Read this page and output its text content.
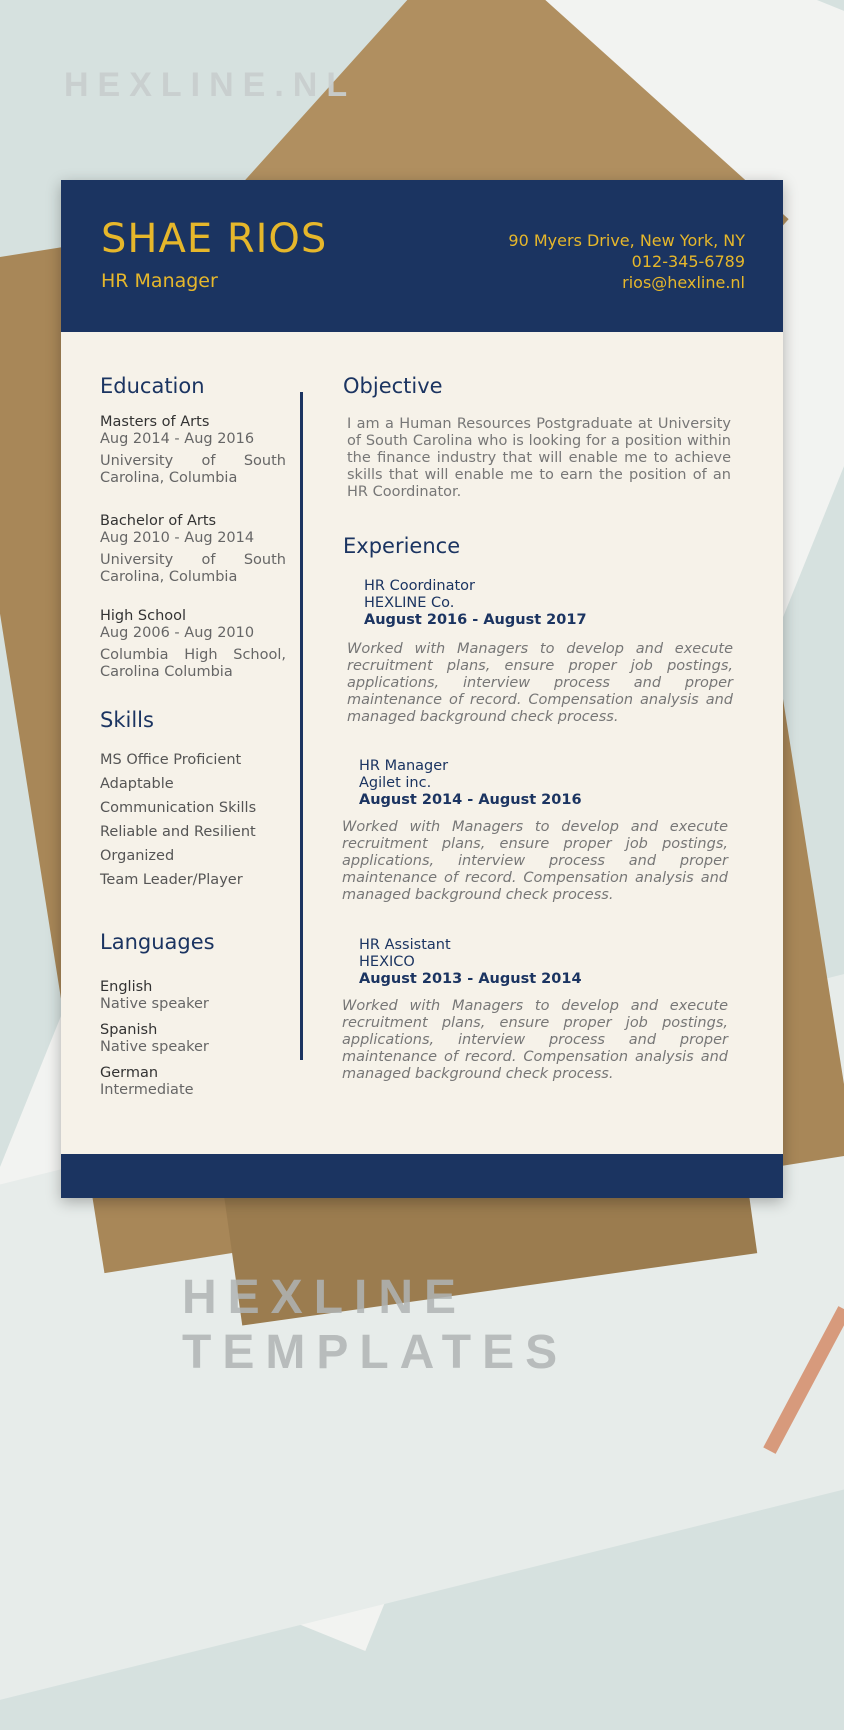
HEXLINE.NL
SHAE RIOS
HR Manager
90 Myers Drive, New York, NY
012-345-6789
rios@hexline.nl
Education
Masters of Arts
Aug 2014 - Aug 2016
University of South Carolina, Columbia
Bachelor of Arts
Aug 2010 - Aug 2014
University of South Carolina, Columbia
High School
Aug 2006 - Aug 2010
Columbia High School, Carolina Columbia
Skills
MS Office Proficient
Adaptable
Communication Skills
Reliable and Resilient
Organized
Team Leader/Player
Languages
English
Native speaker
Spanish
Native speaker
German
Intermediate
Objective
I am a Human Resources Postgraduate at University of South Carolina who is looking for a position within the finance industry that will enable me to achieve skills that will enable me to earn the position of an HR Coordinator.
Experience
HR Coordinator
HEXLINE Co.
August 2016 - August 2017
Worked with Managers to develop and execute recruitment plans, ensure proper job postings, applications, interview process and proper maintenance of record. Compensation analysis and managed background check process.
HR Manager
Agilet inc.
August 2014 - August 2016
Worked with Managers to develop and execute recruitment plans, ensure proper job postings, applications, interview process and proper maintenance of record. Compensation analysis and managed background check process.
HR Assistant
HEXICO
August 2013 - August 2014
Worked with Managers to develop and execute recruitment plans, ensure proper job postings, applications, interview process and proper maintenance of record. Compensation analysis and managed background check process.
HEXLINE TEMPLATES
